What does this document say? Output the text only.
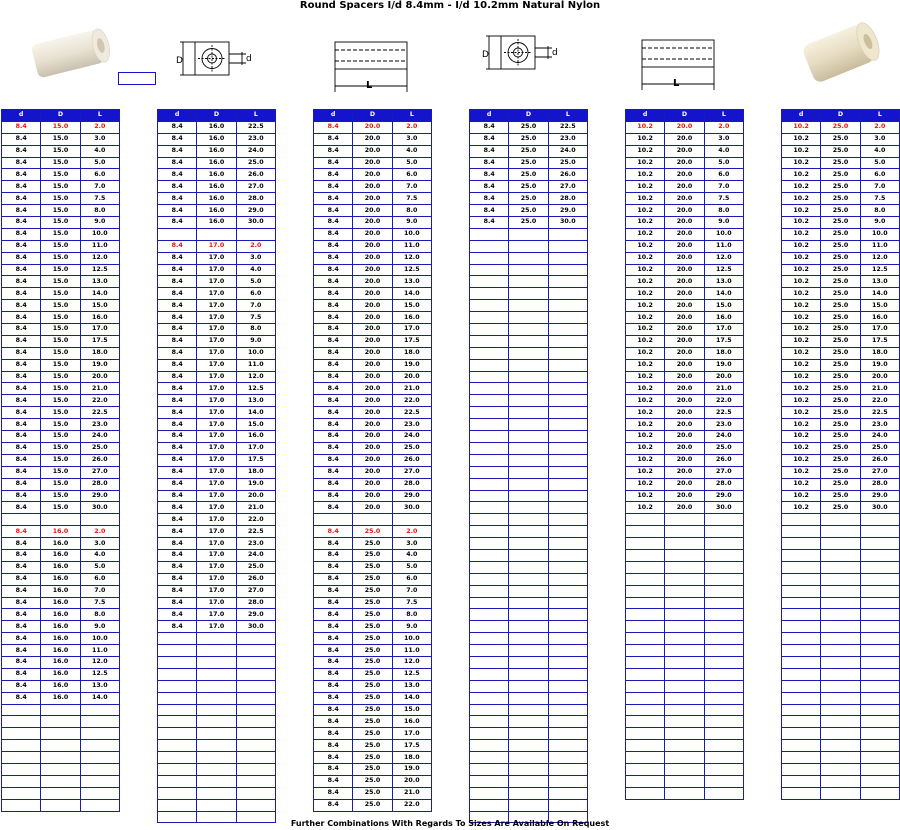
Round Spacers I/d 8.4mm - I/d 10.2mm Natural Nylon
D	d
L
D	d
L
d	D	L
8.4	15.0	2.0
8.4	15.0	3.0
8.4	15.0	4.0
8.4	15.0	5.0
8.4	15.0	6.0
8.4	15.0	7.0
8.4	15.0	7.5
8.4	15.0	8.0
8.4	15.0	9.0
8.4	15.0	10.0
8.4	15.0	11.0
8.4	15.0	12.0
8.4	15.0	12.5
8.4	15.0	13.0
8.4	15.0	14.0
8.4	15.0	15.0
8.4	15.0	16.0
8.4	15.0	17.0
8.4	15.0	17.5
8.4	15.0	18.0
8.4	15.0	19.0
8.4	15.0	20.0
8.4	15.0	21.0
8.4	15.0	22.0
8.4	15.0	22.5
8.4	15.0	23.0
8.4	15.0	24.0
8.4	15.0	25.0
8.4	15.0	26.0
8.4	15.0	27.0
8.4	15.0	28.0
8.4	15.0	29.0
8.4	15.0	30.0

8.4	16.0	2.0
8.4	16.0	3.0
8.4	16.0	4.0
8.4	16.0	5.0
8.4	16.0	6.0
8.4	16.0	7.0
8.4	16.0	7.5
8.4	16.0	8.0
8.4	16.0	9.0
8.4	16.0	10.0
8.4	16.0	11.0
8.4	16.0	12.0
8.4	16.0	12.5
8.4	16.0	13.0
8.4	16.0	14.0

d	D	L
8.4	16.0	22.5
8.4	16.0	23.0
8.4	16.0	24.0
8.4	16.0	25.0
8.4	16.0	26.0
8.4	16.0	27.0
8.4	16.0	28.0
8.4	16.0	29.0
8.4	16.0	30.0

8.4	17.0	2.0
8.4	17.0	3.0
8.4	17.0	4.0
8.4	17.0	5.0
8.4	17.0	6.0
8.4	17.0	7.0
8.4	17.0	7.5
8.4	17.0	8.0
8.4	17.0	9.0
8.4	17.0	10.0
8.4	17.0	11.0
8.4	17.0	12.0
8.4	17.0	12.5
8.4	17.0	13.0
8.4	17.0	14.0
8.4	17.0	15.0
8.4	17.0	16.0
8.4	17.0	17.0
8.4	17.0	17.5
8.4	17.0	18.0
8.4	17.0	19.0
8.4	17.0	20.0
8.4	17.0	21.0
8.4	17.0	22.0
8.4	17.0	22.5
8.4	17.0	23.0
8.4	17.0	24.0
8.4	17.0	25.0
8.4	17.0	26.0
8.4	17.0	27.0
8.4	17.0	28.0
8.4	17.0	29.0
8.4	17.0	30.0

d	D	L
8.4	20.0	2.0
8.4	20.0	3.0
8.4	20.0	4.0
8.4	20.0	5.0
8.4	20.0	6.0
8.4	20.0	7.0
8.4	20.0	7.5
8.4	20.0	8.0
8.4	20.0	9.0
8.4	20.0	10.0
8.4	20.0	11.0
8.4	20.0	12.0
8.4	20.0	12.5
8.4	20.0	13.0
8.4	20.0	14.0
8.4	20.0	15.0
8.4	20.0	16.0
8.4	20.0	17.0
8.4	20.0	17.5
8.4	20.0	18.0
8.4	20.0	19.0
8.4	20.0	20.0
8.4	20.0	21.0
8.4	20.0	22.0
8.4	20.0	22.5
8.4	20.0	23.0
8.4	20.0	24.0
8.4	20.0	25.0
8.4	20.0	26.0
8.4	20.0	27.0
8.4	20.0	28.0
8.4	20.0	29.0
8.4	20.0	30.0

8.4	25.0	2.0
8.4	25.0	3.0
8.4	25.0	4.0
8.4	25.0	5.0
8.4	25.0	6.0
8.4	25.0	7.0
8.4	25.0	7.5
8.4	25.0	8.0
8.4	25.0	9.0
8.4	25.0	10.0
8.4	25.0	11.0
8.4	25.0	12.0
8.4	25.0	12.5
8.4	25.0	13.0
8.4	25.0	14.0
8.4	25.0	15.0
8.4	25.0	16.0
8.4	25.0	17.0
8.4	25.0	17.5
8.4	25.0	18.0
8.4	25.0	19.0
8.4	25.0	20.0
8.4	25.0	21.0
8.4	25.0	22.0
d	D	L
8.4	25.0	22.5
8.4	25.0	23.0
8.4	25.0	24.0
8.4	25.0	25.0
8.4	25.0	26.0
8.4	25.0	27.0
8.4	25.0	28.0
8.4	25.0	29.0
8.4	25.0	30.0

d	D	L
10.2	20.0	2.0
10.2	20.0	3.0
10.2	20.0	4.0
10.2	20.0	5.0
10.2	20.0	6.0
10.2	20.0	7.0
10.2	20.0	7.5
10.2	20.0	8.0
10.2	20.0	9.0
10.2	20.0	10.0
10.2	20.0	11.0
10.2	20.0	12.0
10.2	20.0	12.5
10.2	20.0	13.0
10.2	20.0	14.0
10.2	20.0	15.0
10.2	20.0	16.0
10.2	20.0	17.0
10.2	20.0	17.5
10.2	20.0	18.0
10.2	20.0	19.0
10.2	20.0	20.0
10.2	20.0	21.0
10.2	20.0	22.0
10.2	20.0	22.5
10.2	20.0	23.0
10.2	20.0	24.0
10.2	20.0	25.0
10.2	20.0	26.0
10.2	20.0	27.0
10.2	20.0	28.0
10.2	20.0	29.0
10.2	20.0	30.0

d	D	L
10.2	25.0	2.0
10.2	25.0	3.0
10.2	25.0	4.0
10.2	25.0	5.0
10.2	25.0	6.0
10.2	25.0	7.0
10.2	25.0	7.5
10.2	25.0	8.0
10.2	25.0	9.0
10.2	25.0	10.0
10.2	25.0	11.0
10.2	25.0	12.0
10.2	25.0	12.5
10.2	25.0	13.0
10.2	25.0	14.0
10.2	25.0	15.0
10.2	25.0	16.0
10.2	25.0	17.0
10.2	25.0	17.5
10.2	25.0	18.0
10.2	25.0	19.0
10.2	25.0	20.0
10.2	25.0	21.0
10.2	25.0	22.0
10.2	25.0	22.5
10.2	25.0	23.0
10.2	25.0	24.0
10.2	25.0	25.0
10.2	25.0	26.0
10.2	25.0	27.0
10.2	25.0	28.0
10.2	25.0	29.0
10.2	25.0	30.0

Further Combinations With Regards To Sizes Are Available On Request
